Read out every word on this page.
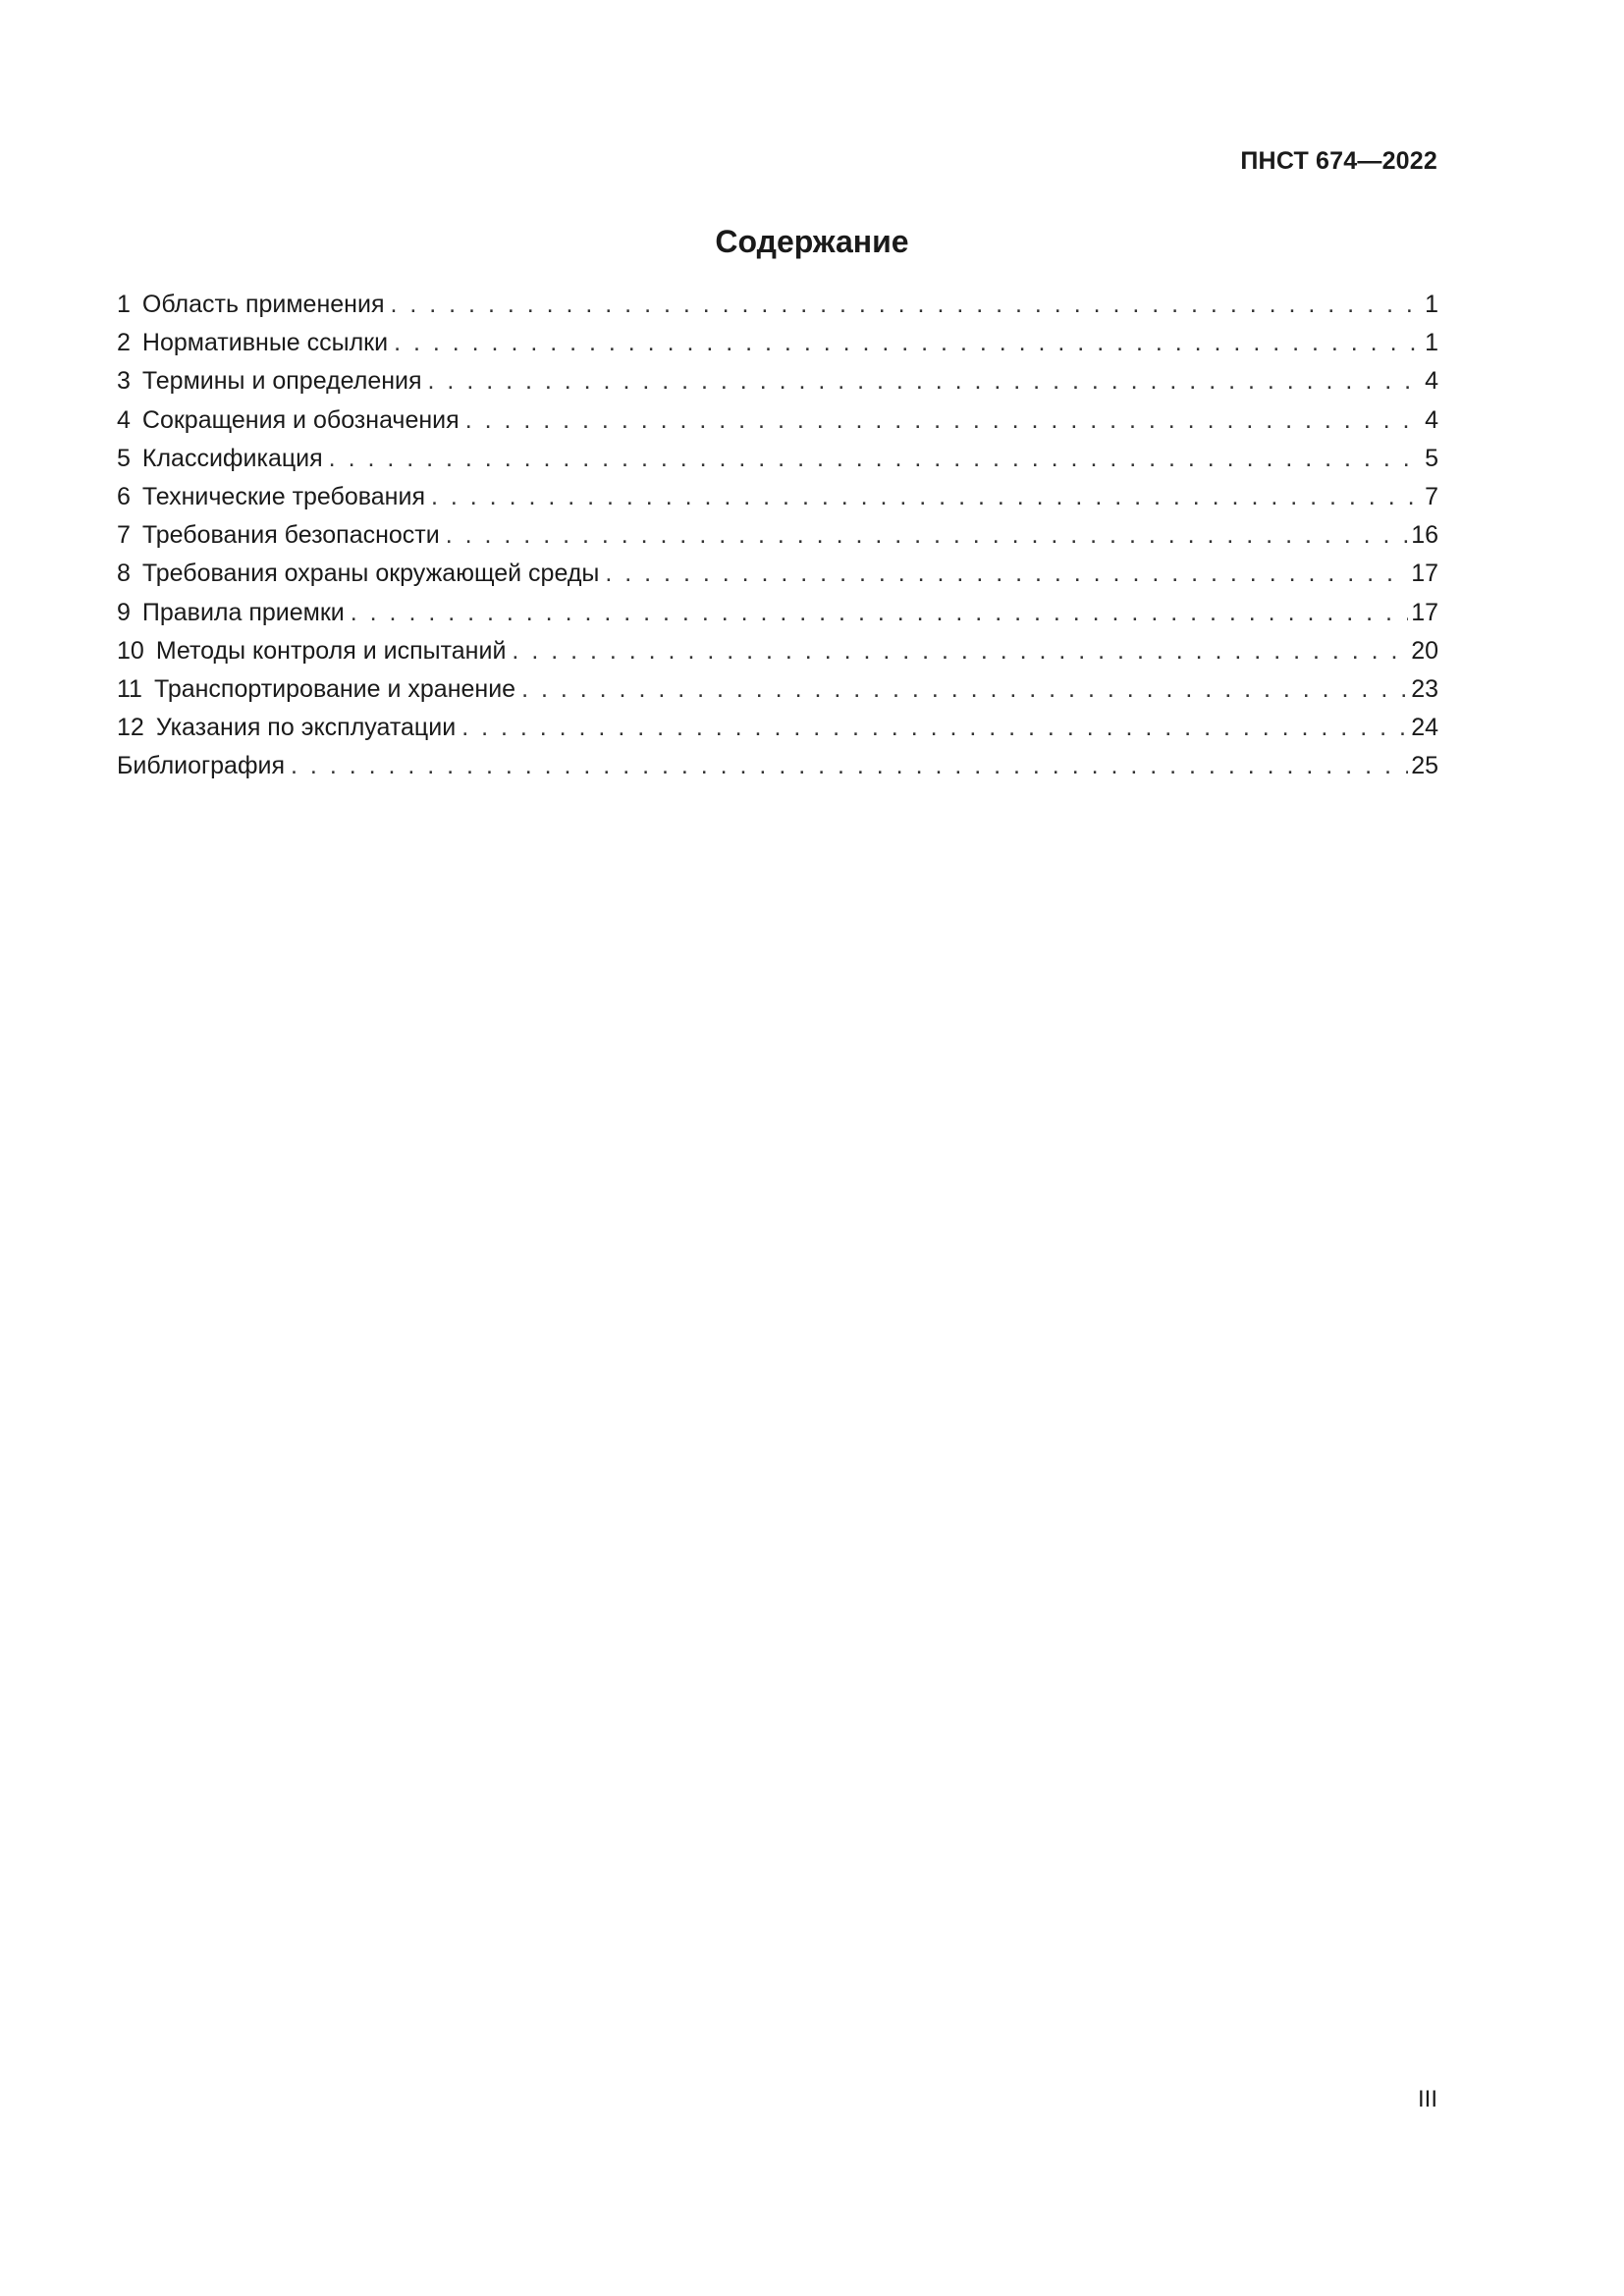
ПНСТ 674—2022
Содержание
1 Область применения . . .	1
2 Нормативные ссылки . . .	1
3 Термины и определения . . .	4
4 Сокращения и обозначения . . .	4
5 Классификация . . .	5
6 Технические требования . . .	7
7 Требования безопасности . . .	16
8 Требования охраны окружающей среды . . .	17
9 Правила приемки . . .	17
10 Методы контроля и испытаний . . .	20
11 Транспортирование и хранение . . .	23
12 Указания по эксплуатации . . .	24
Библиография . . .	25
III
